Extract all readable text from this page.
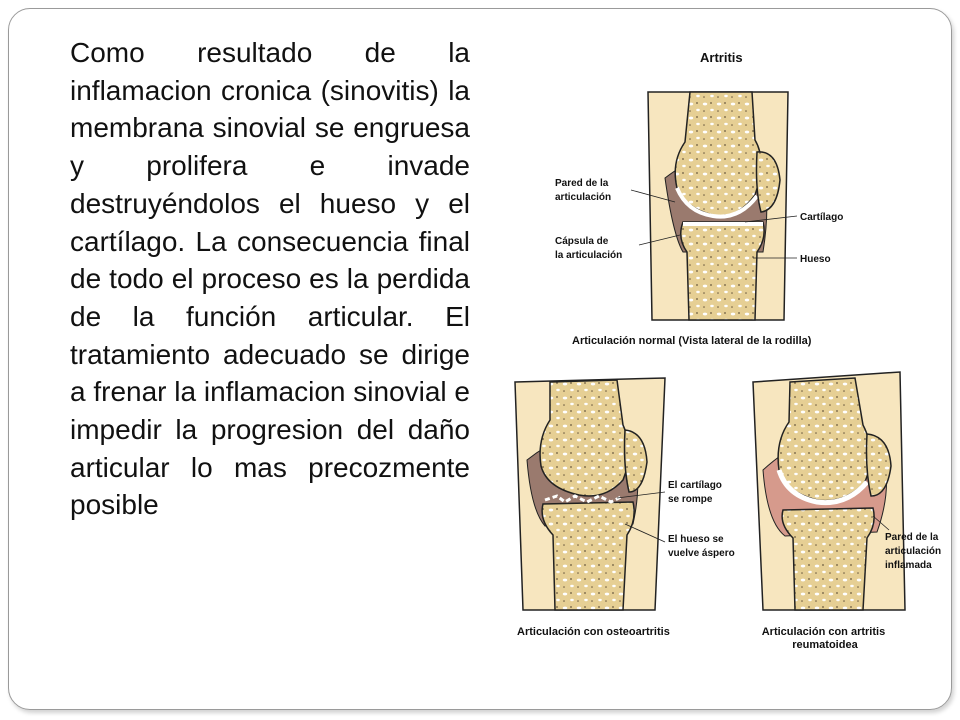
Como resultado de la inflamacion cronica (sinovitis) la membrana sinovial se engruesa y prolifera e invade destruyéndolos el hueso y el cartílago. La consecuencia final de todo el proceso es la perdida de la función articular. El tratamiento adecuado se dirige a frenar la inflamacion sinovial e impedir la progresion del daño articular lo mas precozmente posible
Artritis
Pared de la articulación
Cápsula de la articulación
Cartílago
Hueso
Articulación normal (Vista lateral de la rodilla)
El cartílago se rompe
El hueso se vuelve áspero
Articulación con osteoartritis
Pared de la articulación inflamada
Articulación con artritis reumatoidea
